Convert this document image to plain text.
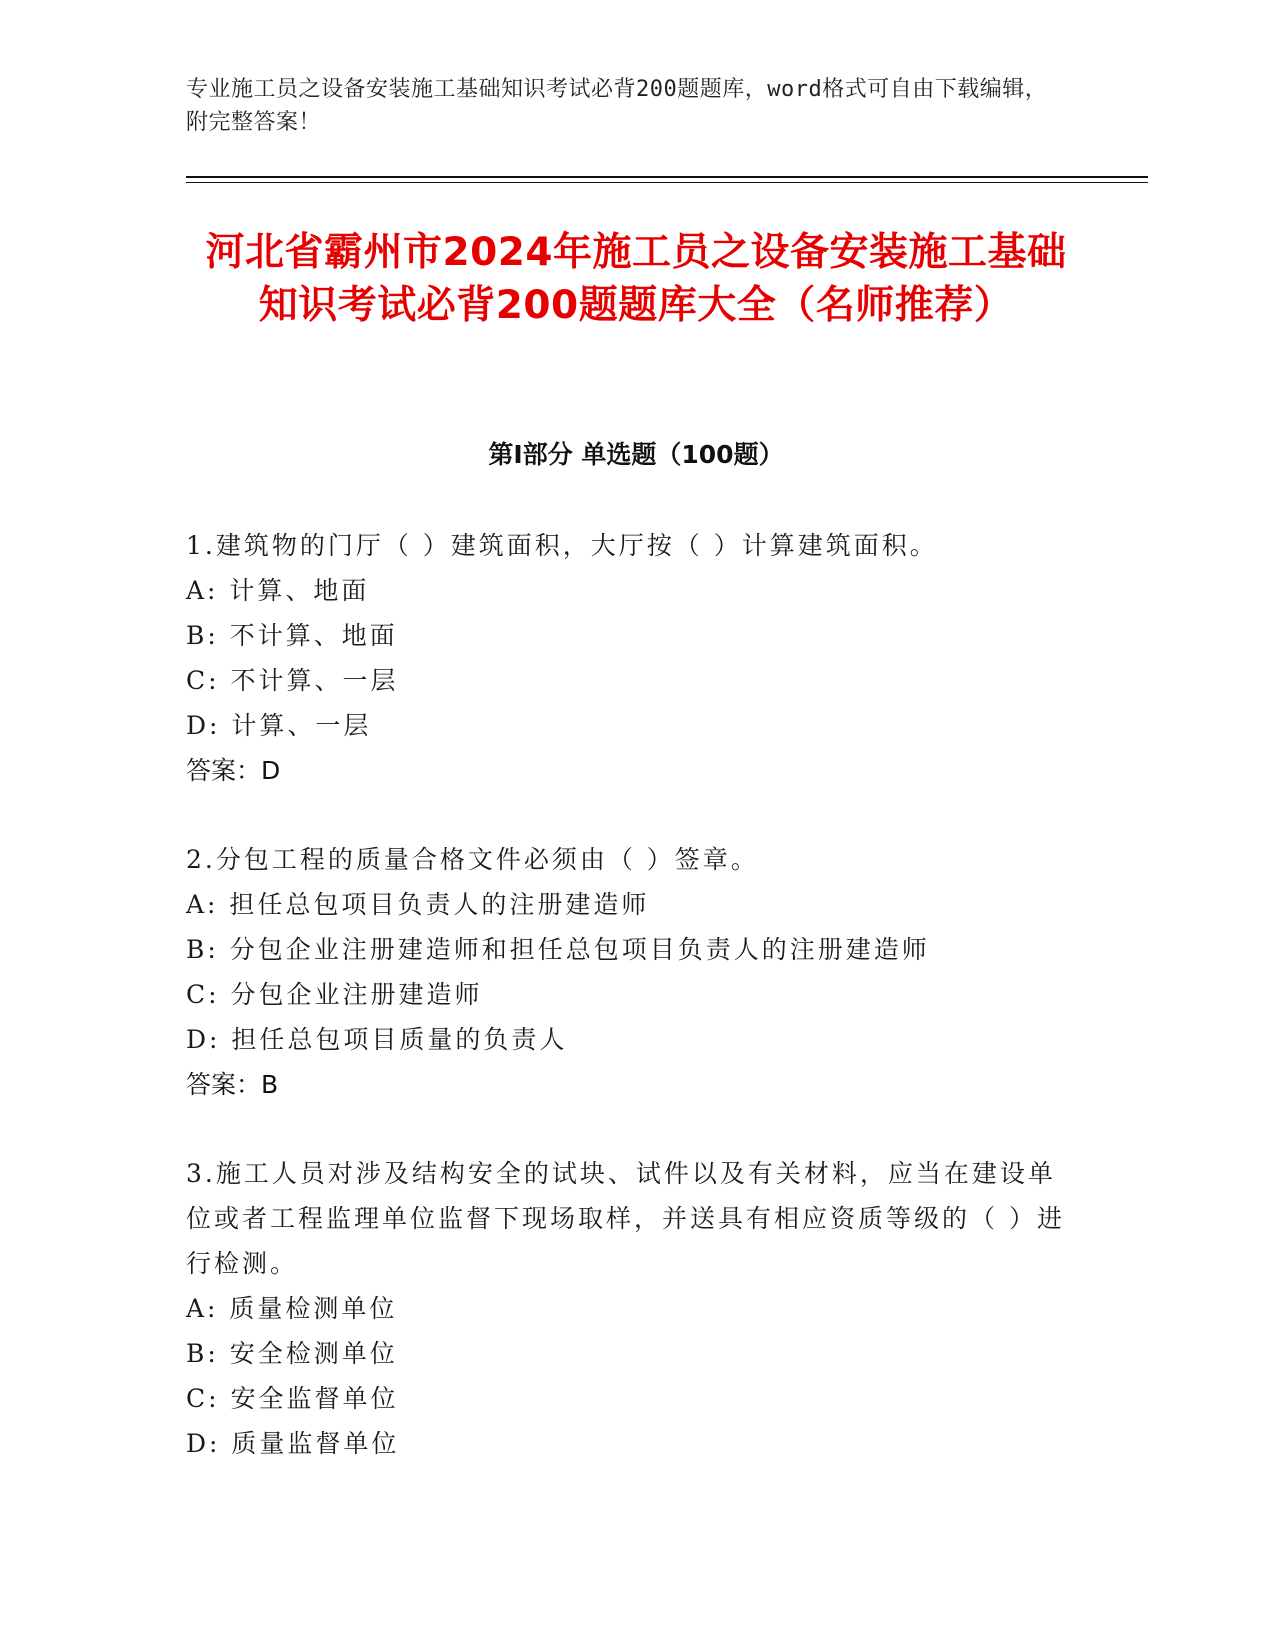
专业施工员之设备安装施工基础知识考试必背200题题库，word格式可自由下载编辑，附完整答案！
河北省霸州市2024年施工员之设备安装施工基础知识考试必背200题题库大全（名师推荐）
第I部分 单选题（100题）
1.建筑物的门厅（ ）建筑面积，大厅按（ ）计算建筑面积。
A: 计算、地面
B: 不计算、地面
C: 不计算、一层
D: 计算、一层
答案：D
2.分包工程的质量合格文件必须由（ ）签章。
A: 担任总包项目负责人的注册建造师
B: 分包企业注册建造师和担任总包项目负责人的注册建造师
C: 分包企业注册建造师
D: 担任总包项目质量的负责人
答案：B
3.施工人员对涉及结构安全的试块、试件以及有关材料，应当在建设单位或者工程监理单位监督下现场取样，并送具有相应资质等级的（ ）进行检测。
A: 质量检测单位
B: 安全检测单位
C: 安全监督单位
D: 质量监督单位
